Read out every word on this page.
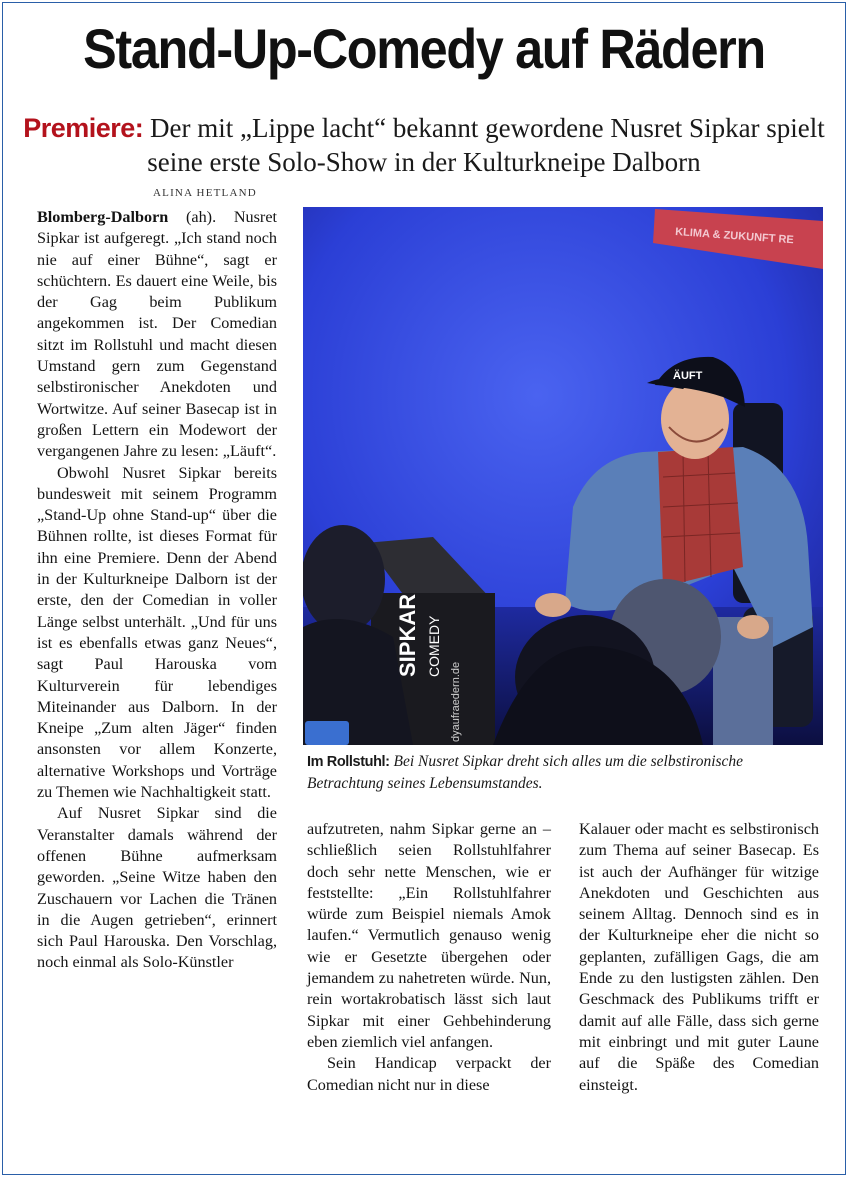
Stand-Up-Comedy auf Rädern
Premiere: Der mit „Lippe lacht“ bekannt gewordene Nusret Sipkar spielt seine erste Solo-Show in der Kulturkneipe Dalborn
ALINA HETLAND

Blomberg-Dalborn (ah). Nusret Sipkar ist aufgeregt. „Ich stand noch nie auf einer Bühne“, sagt er schüchtern. Es dauert eine Weile, bis der Gag beim Publikum angekommen ist. Der Comedian sitzt im Rollstuhl und macht diesen Umstand gern zum Gegenstand selbstironischer Anekdoten und Wortwitze. Auf seiner Basecap ist in großen Lettern ein Modewort der vergangenen Jahre zu lesen: „Läuft“.

Obwohl Nusret Sipkar bereits bundesweit mit seinem Programm „Stand-Up ohne Stand-up“ über die Bühnen rollte, ist dieses Format für ihn eine Premiere. Denn der Abend in der Kulturkneipe Dalborn ist der erste, den der Comedian in voller Länge selbst unterhält. „Und für uns ist es ebenfalls etwas ganz Neues“, sagt Paul Harouska vom Kulturverein für lebendiges Miteinander aus Dalborn. In der Kneipe „Zum alten Jäger“ finden ansonsten vor allem Konzerte, alternative Workshops und Vorträge zu Themen wie Nachhaltigkeit statt.

Auf Nusret Sipkar sind die Veranstalter damals während der offenen Bühne aufmerksam geworden. „Seine Witze haben den Zuschauern vor Lachen die Tränen in die Augen getrieben“, erinnert sich Paul Harouska. Den Vorschlag, noch einmal als Solo-Künstler

KLIMA & ZUKUNFT RE
ÄUFT
SIPKAR COMEDY
dyaufraedern.de
Im Rollstuhl: Bei Nusret Sipkar dreht sich alles um die selbstironische Betrachtung seines Lebensumstandes.

aufzutreten, nahm Sipkar gerne an – schließlich seien Rollstuhlfahrer doch sehr nette Menschen, wie er feststellte: „Ein Rollstuhlfahrer würde zum Beispiel niemals Amok laufen.“ Vermutlich genauso wenig wie er Gesetzte übergehen oder jemandem zu nahetreten würde. Nun, rein wortakrobatisch lässt sich laut Sipkar mit einer Gehbehinderung eben ziemlich viel anfangen.

Sein Handicap verpackt der Comedian nicht nur in diese

Kalauer oder macht es selbstironisch zum Thema auf seiner Basecap. Es ist auch der Aufhänger für witzige Anekdoten und Geschichten aus seinem Alltag. Dennoch sind es in der Kulturkneipe eher die nicht so geplanten, zufälligen Gags, die am Ende zu den lustigsten zählen. Den Geschmack des Publikums trifft er damit auf alle Fälle, dass sich gerne mit einbringt und mit guter Laune auf die Späße des Comedian einsteigt.
